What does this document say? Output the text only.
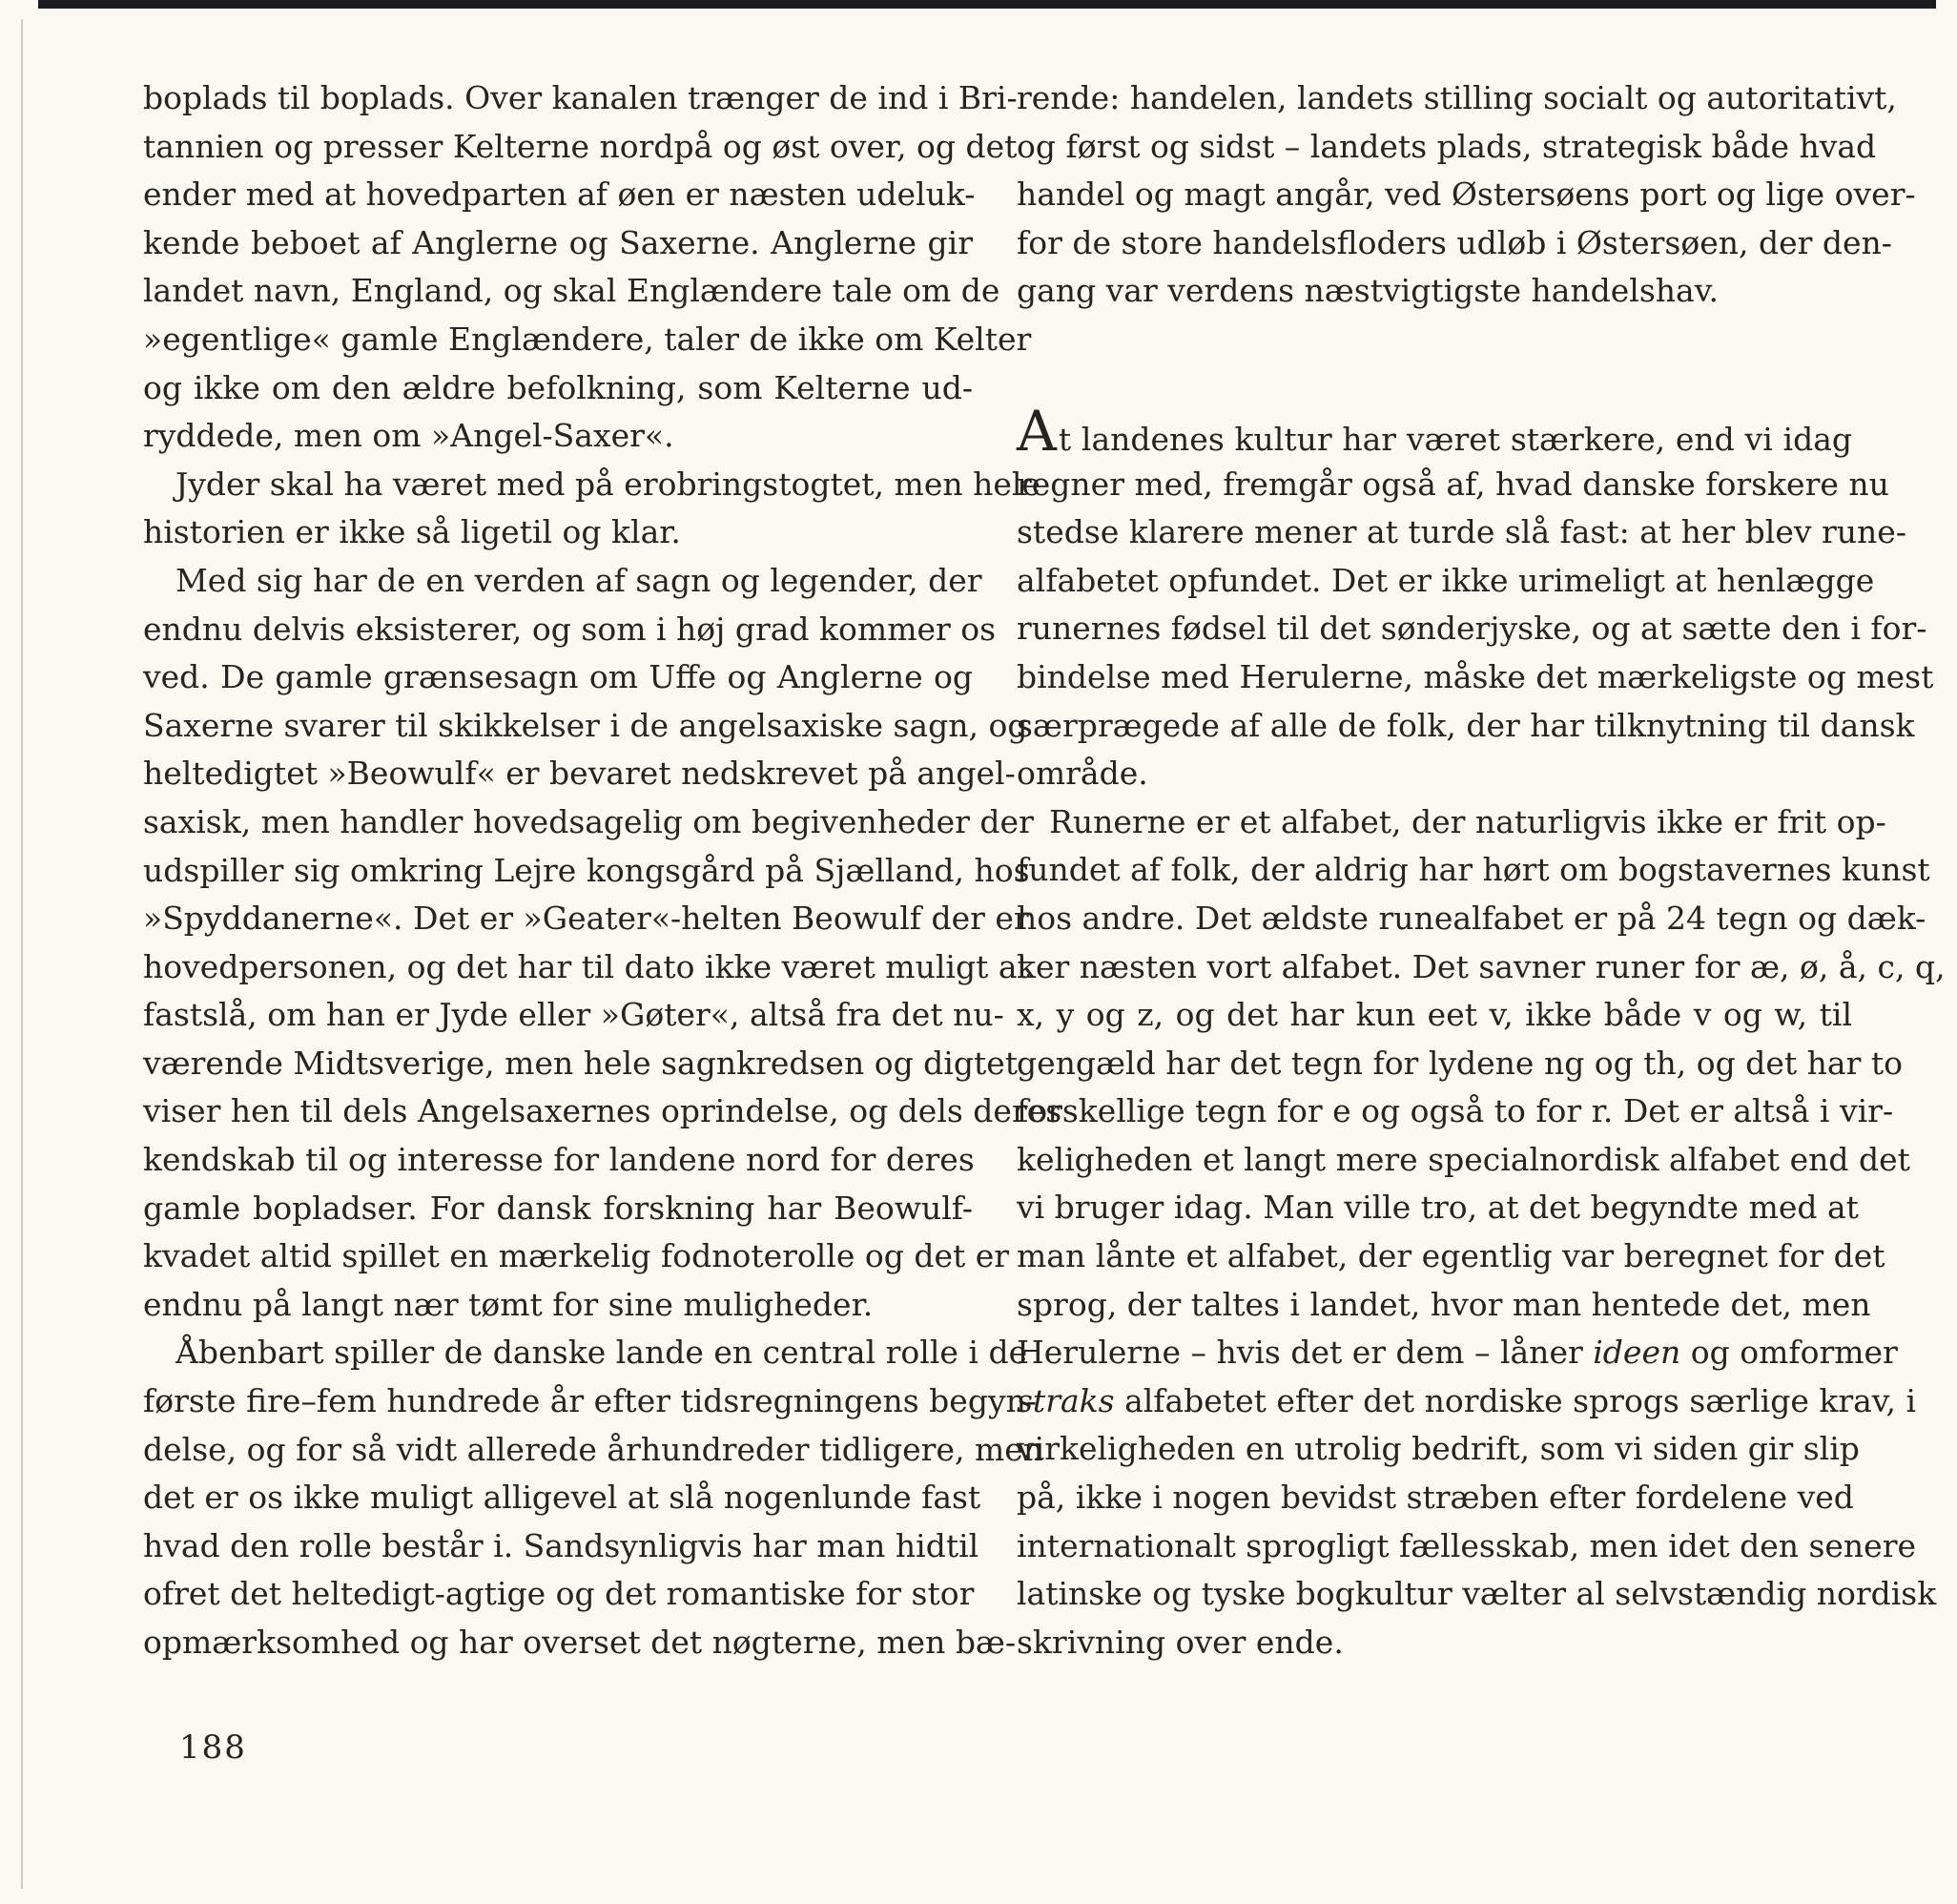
boplads til boplads. Over kanalen trænger de ind i Bri-
tannien og presser Kelterne nordpå og øst over, og det
ender med at hovedparten af øen er næsten udeluk-
kende beboet af Anglerne og Saxerne. Anglerne gir
landet navn, England, og skal Englændere tale om de
»egentlige« gamle Englændere, taler de ikke om Kelter
og ikke om den ældre befolkning, som Kelterne ud-
ryddede, men om »Angel-Saxer«.
Jyder skal ha været med på erobringstogtet, men hele
historien er ikke så ligetil og klar.
Med sig har de en verden af sagn og legender, der
endnu delvis eksisterer, og som i høj grad kommer os
ved. De gamle grænsesagn om Uffe og Anglerne og
Saxerne svarer til skikkelser i de angelsaxiske sagn, og
heltedigtet »Beowulf« er bevaret nedskrevet på angel-
saxisk, men handler hovedsagelig om begivenheder der
udspiller sig omkring Lejre kongsgård på Sjælland, hos
»Spyddanerne«. Det er »Geater«-helten Beowulf der er
hovedpersonen, og det har til dato ikke været muligt at
fastslå, om han er Jyde eller »Gøter«, altså fra det nu-
værende Midtsverige, men hele sagnkredsen og digtet
viser hen til dels Angelsaxernes oprindelse, og dels deres
kendskab til og interesse for landene nord for deres
gamle bopladser. For dansk forskning har Beowulf-
kvadet altid spillet en mærkelig fodnoterolle og det er
endnu på langt nær tømt for sine muligheder.
Åbenbart spiller de danske lande en central rolle i de
første fire–fem hundrede år efter tidsregningens begyn-
delse, og for så vidt allerede århundreder tidligere, men
det er os ikke muligt alligevel at slå nogenlunde fast
hvad den rolle består i. Sandsynligvis har man hidtil
ofret det heltedigt-agtige og det romantiske for stor
opmærksomhed og har overset det nøgterne, men bæ-
rende: handelen, landets stilling socialt og autoritativt,
og først og sidst – landets plads, strategisk både hvad
handel og magt angår, ved Østersøens port og lige over-
for de store handelsfloders udløb i Østersøen, der den-
gang var verdens næstvigtigste handelshav.
At landenes kultur har været stærkere, end vi idag
regner med, fremgår også af, hvad danske forskere nu
stedse klarere mener at turde slå fast: at her blev rune-
alfabetet opfundet. Det er ikke urimeligt at henlægge
runernes fødsel til det sønderjyske, og at sætte den i for-
bindelse med Herulerne, måske det mærkeligste og mest
særprægede af alle de folk, der har tilknytning til dansk
område.
Runerne er et alfabet, der naturligvis ikke er frit op-
fundet af folk, der aldrig har hørt om bogstavernes kunst
hos andre. Det ældste runealfabet er på 24 tegn og dæk-
ker næsten vort alfabet. Det savner runer for æ, ø, å, c, q,
x, y og z, og det har kun eet v, ikke både v og w, til
gengæld har det tegn for lydene ng og th, og det har to
forskellige tegn for e og også to for r. Det er altså i vir-
keligheden et langt mere specialnordisk alfabet end det
vi bruger idag. Man ville tro, at det begyndte med at
man lånte et alfabet, der egentlig var beregnet for det
sprog, der taltes i landet, hvor man hentede det, men
Herulerne – hvis det er dem – låner ideen og omformer
straks alfabetet efter det nordiske sprogs særlige krav, i
virkeligheden en utrolig bedrift, som vi siden gir slip
på, ikke i nogen bevidst stræben efter fordelene ved
internationalt sprogligt fællesskab, men idet den senere
latinske og tyske bogkultur vælter al selvstændig nordisk
skrivning over ende.
188
